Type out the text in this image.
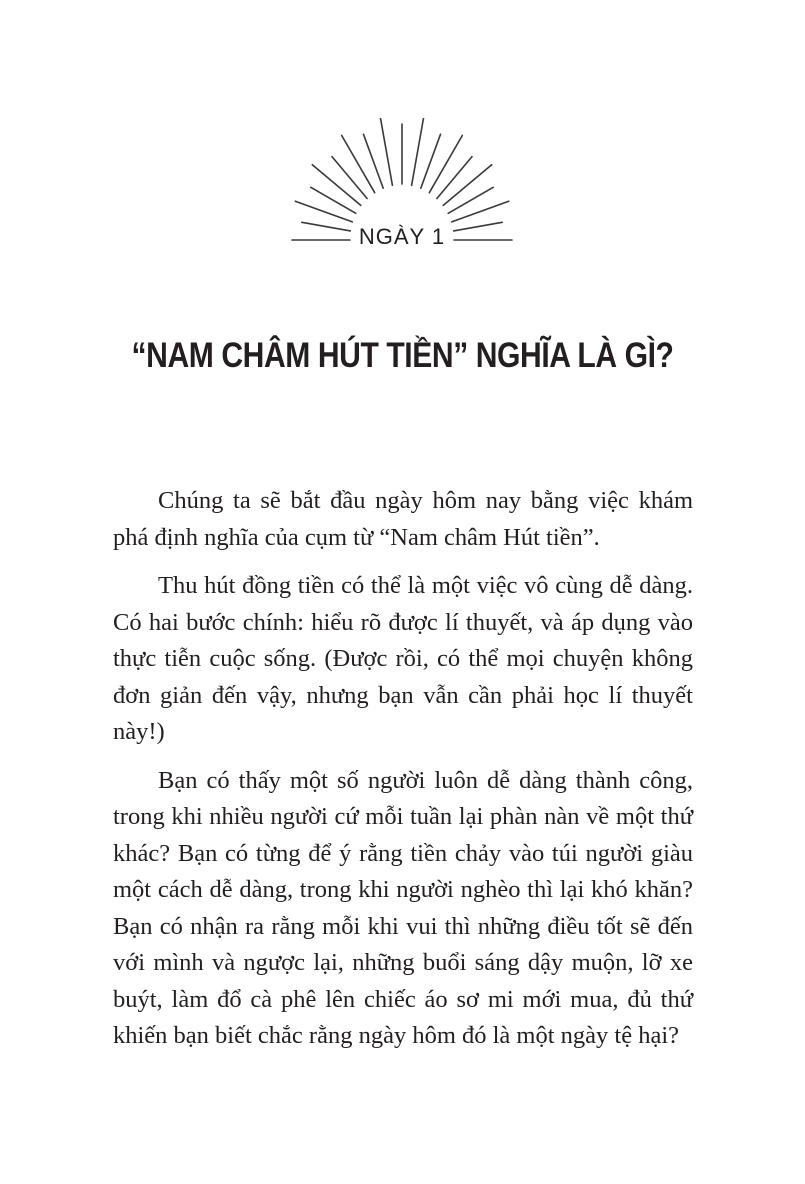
NGÀY 1
“NAM CHÂM HÚT TIỀN” NGHĨA LÀ GÌ?

Chúng ta sẽ bắt đầu ngày hôm nay bằng việc khám phá định nghĩa của cụm từ “Nam châm Hút tiền”.

Thu hút đồng tiền có thể là một việc vô cùng dễ dàng. Có hai bước chính: hiểu rõ được lí thuyết, và áp dụng vào thực tiễn cuộc sống. (Được rồi, có thể mọi chuyện không đơn giản đến vậy, nhưng bạn vẫn cần phải học lí thuyết này!)

Bạn có thấy một số người luôn dễ dàng thành công, trong khi nhiều người cứ mỗi tuần lại phàn nàn về một thứ khác? Bạn có từng để ý rằng tiền chảy vào túi người giàu một cách dễ dàng, trong khi người nghèo thì lại khó khăn? Bạn có nhận ra rằng mỗi khi vui thì những điều tốt sẽ đến với mình và ngược lại, những buổi sáng dậy muộn, lỡ xe buýt, làm đổ cà phê lên chiếc áo sơ mi mới mua, đủ thứ khiến bạn biết chắc rằng ngày hôm đó là một ngày tệ hại?
